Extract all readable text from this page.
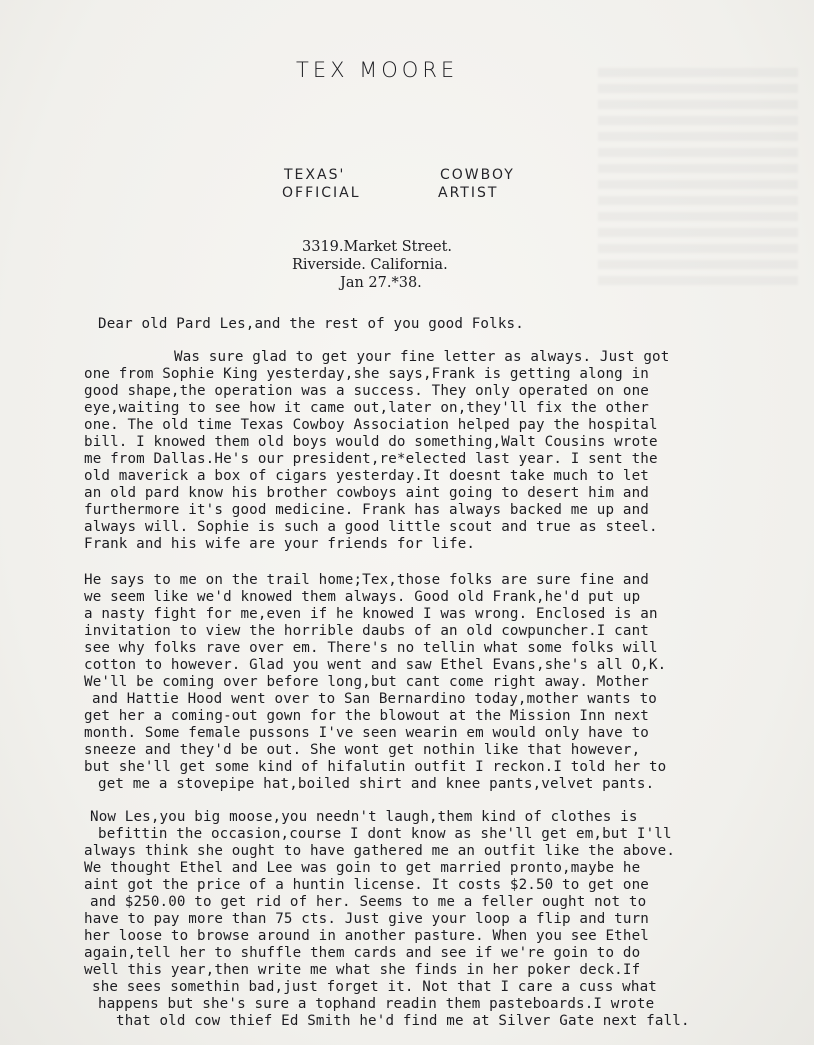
TEX MOORE
TEXAS'
OFFICIAL
COWBOY
ARTIST
3319.Market Street.
Riverside. California.
Jan 27.*38.
Dear old Pard Les,and the rest of you good Folks.
Was sure glad to get your fine letter as always. Just got
one from Sophie King yesterday,she says,Frank is getting along in
good shape,the operation was a success. They only operated on one
eye,waiting to see how it came out,later on,they'll fix the other
one. The old time Texas Cowboy Association helped pay the hospital
bill. I knowed them old boys would do something,Walt Cousins wrote
me from Dallas.He's our president,re*elected last year. I sent the
old maverick a box of cigars yesterday.It doesnt take much to let
an old pard know his brother cowboys aint going to desert him and
furthermore it's good medicine. Frank has always backed me up and
always will. Sophie is such a good little scout and true as steel.
Frank and his wife are your friends for life.
He says to me on the trail home;Tex,those folks are sure fine and
we seem like we'd knowed them always. Good old Frank,he'd put up
a nasty fight for me,even if he knowed I was wrong. Enclosed is an
invitation to view the horrible daubs of an old cowpuncher.I cant
see why folks rave over em. There's no tellin what some folks will
cotton to however. Glad you went and saw Ethel Evans,she's all O,K.
We'll be coming over before long,but cant come right away. Mother
and Hattie Hood went over to San Bernardino today,mother wants to
get her a coming-out gown for the blowout at the Mission Inn next
month. Some female pussons I've seen wearin em would only have to
sneeze and they'd be out. She wont get nothin like that however,
but she'll get some kind of hifalutin outfit I reckon.I told her to
get me a stovepipe hat,boiled shirt and knee pants,velvet pants.
Now Les,you big moose,you needn't laugh,them kind of clothes is
befittin the occasion,course I dont know as she'll get em,but I'll
always think she ought to have gathered me an outfit like the above.
We thought Ethel and Lee was goin to get married pronto,maybe he
aint got the price of a huntin license. It costs $2.50 to get one
and $250.00 to get rid of her. Seems to me a feller ought not to
have to pay more than 75 cts. Just give your loop a flip and turn
her loose to browse around in another pasture. When you see Ethel
again,tell her to shuffle them cards and see if we're goin to do
well this year,then write me what she finds in her poker deck.If
she sees somethin bad,just forget it. Not that I care a cuss what
happens but she's sure a tophand readin them pasteboards.I wrote
that old cow thief Ed Smith he'd find me at Silver Gate next fall.
